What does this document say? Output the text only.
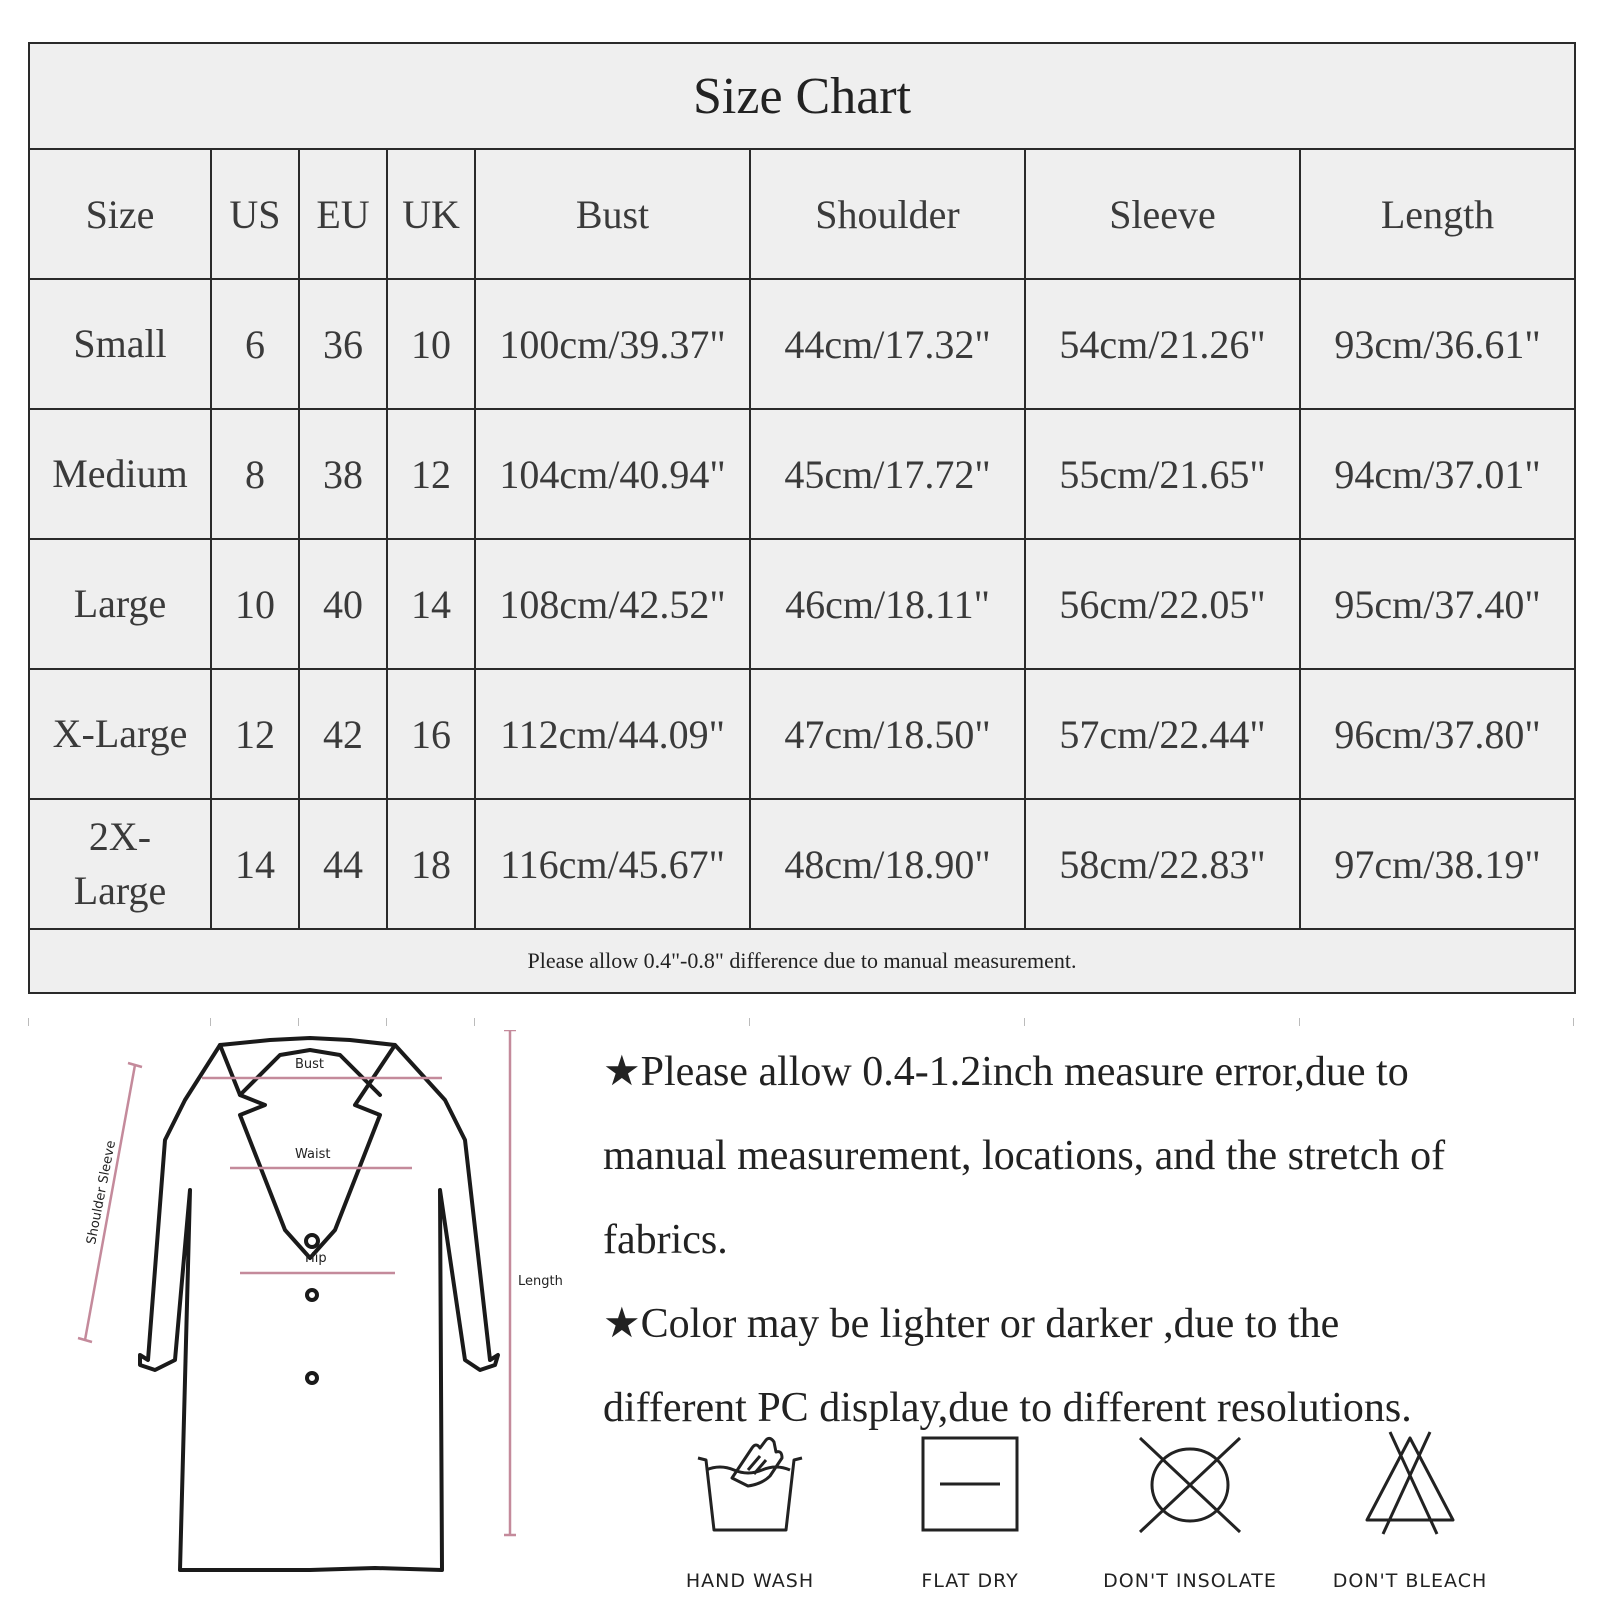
Size Chart							
Size	US	EU	UK	Bust	Shoulder	Sleeve	Length
Small	6	36	10	100cm/39.37"	44cm/17.32"	54cm/21.26"	93cm/36.61"
Medium	8	38	12	104cm/40.94"	45cm/17.72"	55cm/21.65"	94cm/37.01"
Large	10	40	14	108cm/42.52"	46cm/18.11"	56cm/22.05"	95cm/37.40"
X-Large	12	42	16	112cm/44.09"	47cm/18.50"	57cm/22.44"	96cm/37.80"
2X-Large	14	44	18	116cm/45.67"	48cm/18.90"	58cm/22.83"	97cm/38.19"
Please allow 0.4"-0.8" difference due to manual measurement.							
Bust
Waist
Hip
Length
Shoulder Sleeve
★Please allow 0.4-1.2inch measure error,due to
manual measurement, locations, and the stretch of
fabrics.
★Color may be lighter or darker ,due to the
different PC display,due to different resolutions.
HAND WASH	FLAT DRY	DON'T INSOLATE	DON'T BLEACH
